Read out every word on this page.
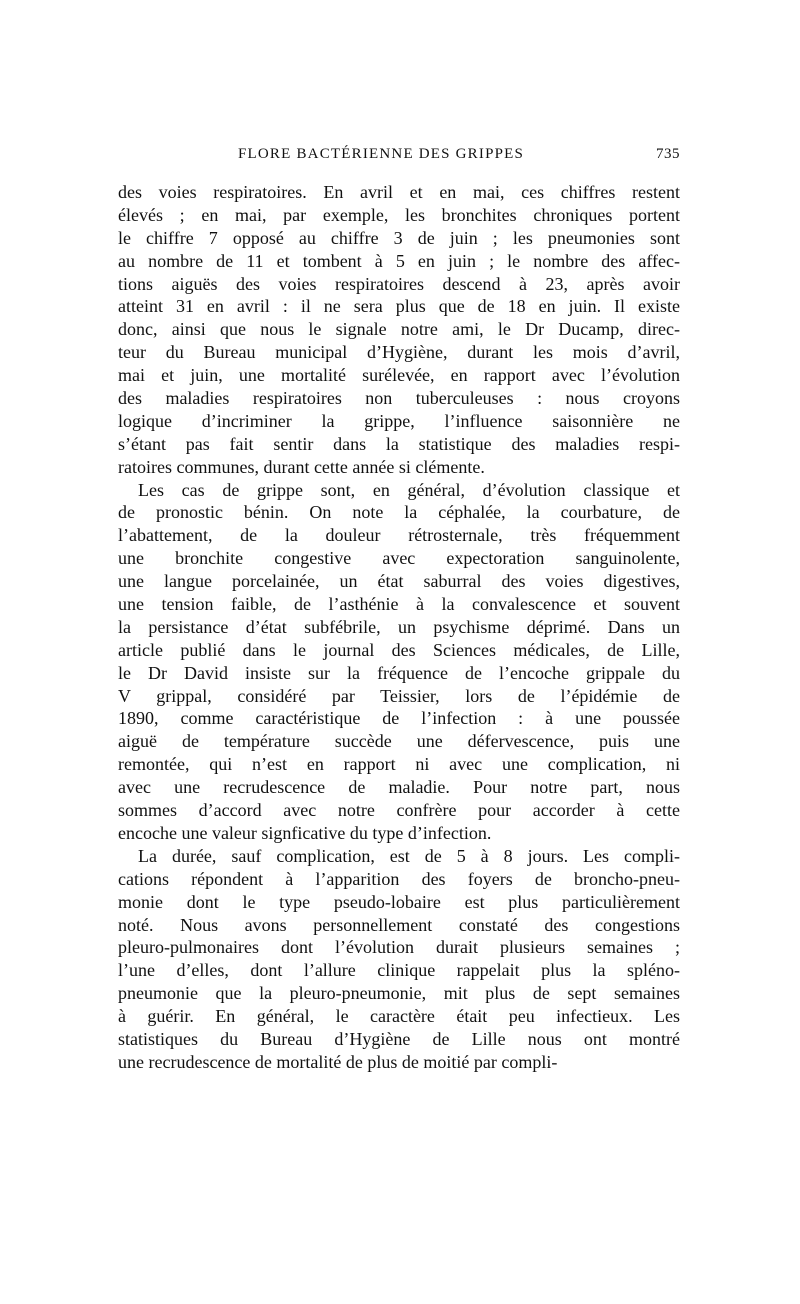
FLORE BACTÉRIENNE DES GRIPPES	735
des voies respiratoires. En avril et en mai, ces chiffres restent
élevés ; en mai, par exemple, les bronchites chroniques portent
le chiffre 7 opposé au chiffre 3 de juin ; les pneumonies sont
au nombre de 11 et tombent à 5 en juin ; le nombre des affec-
tions aiguës des voies respiratoires descend à 23, après avoir
atteint 31 en avril : il ne sera plus que de 18 en juin. Il existe
donc, ainsi que nous le signale notre ami, le Dr Ducamp, direc-
teur du Bureau municipal d’Hygiène, durant les mois d’avril,
mai et juin, une mortalité surélevée, en rapport avec l’évolution
des maladies respiratoires non tuberculeuses : nous croyons
logique d’incriminer la grippe, l’influence saisonnière ne
s’étant pas fait sentir dans la statistique des maladies respi-
ratoires communes, durant cette année si clémente.
Les cas de grippe sont, en général, d’évolution classique et
de pronostic bénin. On note la céphalée, la courbature, de
l’abattement, de la douleur rétrosternale, très fréquemment
une bronchite congestive avec expectoration sanguinolente,
une langue porcelainée, un état saburral des voies digestives,
une tension faible, de l’asthénie à la convalescence et souvent
la persistance d’état subfébrile, un psychisme déprimé. Dans un
article publié dans le journal des Sciences médicales, de Lille,
le Dr David insiste sur la fréquence de l’encoche grippale du
V grippal, considéré par Teissier, lors de l’épidémie de
1890, comme caractéristique de l’infection : à une poussée
aiguë de température succède une défervescence, puis une
remontée, qui n’est en rapport ni avec une complication, ni
avec une recrudescence de maladie. Pour notre part, nous
sommes d’accord avec notre confrère pour accorder à cette
encoche une valeur signficative du type d’infection.
La durée, sauf complication, est de 5 à 8 jours. Les compli-
cations répondent à l’apparition des foyers de broncho-pneu-
monie dont le type pseudo-lobaire est plus particulièrement
noté. Nous avons personnellement constaté des congestions
pleuro-pulmonaires dont l’évolution durait plusieurs semaines ;
l’une d’elles, dont l’allure clinique rappelait plus la spléno-
pneumonie que la pleuro-pneumonie, mit plus de sept semaines
à guérir. En général, le caractère était peu infectieux. Les
statistiques du Bureau d’Hygiène de Lille nous ont montré
une recrudescence de mortalité de plus de moitié par compli-
